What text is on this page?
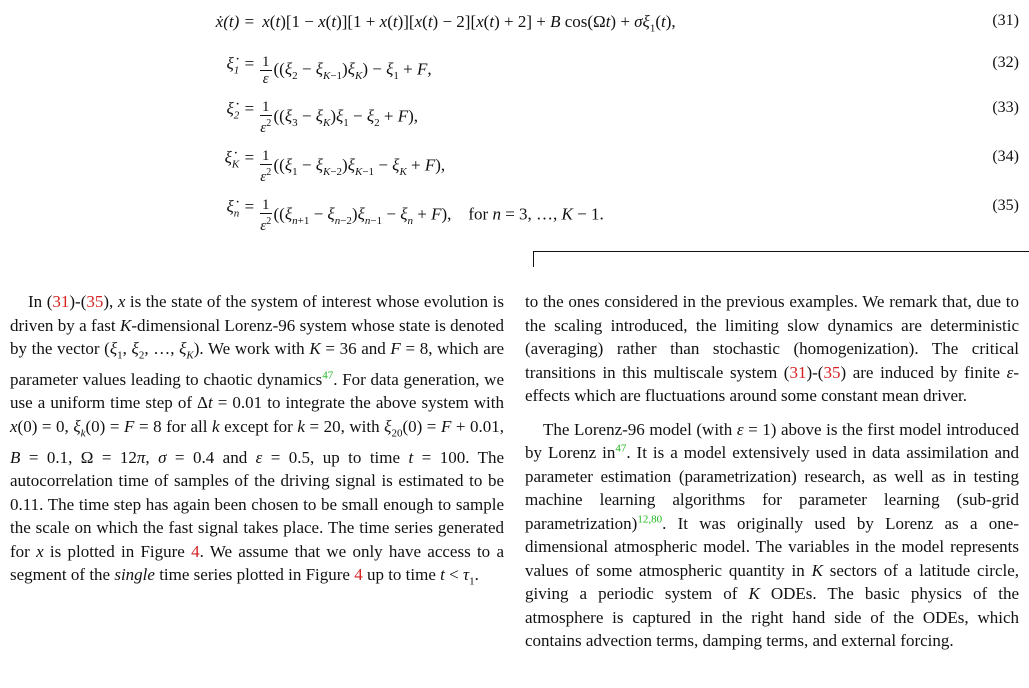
ẋ(t) = x(t)[1 − x(t)][1 + x(t)][x(t) − 2][x(t) + 2] + B $\cos(\Omega t) + \sigma\xi_1(t)$,	(31)
$\xi̇_1 = \frac{1}{\varepsilon} ((\xi_2 - \xi_{K-1})\xi_K) - \xi_1 + F$,	(32)
$\xi̇_2 = \frac{1}{\varepsilon^2} ((\xi_3 - \xi_K)\xi_1 - \xi_2 + F)$,	(33)
$\xi̇_K = \frac{1}{\varepsilon^2} ((\xi_1 - \xi_{K-2})\xi_{K-1} - \xi_K + F)$,	(34)
$\xi̇_n = \frac{1}{\varepsilon^2} ((\xi_{n+1} - \xi_{n-2})\xi_{n-1} - \xi_n + F)$,    for n = 3, …, K − 1.	(35)

In (31)-(35), x is the state of the system of interest whose evolution is driven by a fast K-dimensional Lorenz-96 system whose state is denoted by the vector ($\xi_1$, $\xi_2$, …, $\xi_K$). We work with K = 36 and F = 8, which are parameter values leading to chaotic dynamics$^{47}$. For data generation, we use a uniform time step of Δt = 0.01 to integrate the above system with x(0) = 0, $\xi_k(0) = F = 8$ for all k except for k = 20, with $\xi_{20}(0) = F + 0.01$, B = 0.1, Ω = 12π, σ = 0.4 and ε = 0.5, up to time t = 100. The autocorrelation time of samples of the driving signal is estimated to be 0.11. The time step has again been chosen to be small enough to sample the scale on which the fast signal takes place. The time series generated for x is plotted in Figure 4. We assume that we only have access to a segment of the single time series plotted in Figure 4 up to time $t < \tau_1$.

to the ones considered in the previous examples. We remark that, due to the scaling introduced, the limiting slow dynamics are deterministic (averaging) rather than stochastic (homogenization). The critical transitions in this multiscale system (31)-(35) are induced by finite ε-effects which are fluctuations around some constant mean driver.

The Lorenz-96 model (with ε = 1) above is the first model introduced by Lorenz in$^{47}$. It is a model extensively used in data assimilation and parameter estimation (parametrization) research, as well as in testing machine learning algorithms for parameter learning (sub-grid parametrization)$^{12,80}$. It was originally used by Lorenz as a one-dimensional atmospheric model. The variables in the model represents values of some atmospheric quantity in K sectors of a latitude circle, giving a periodic system of K ODEs. The basic physics of the atmosphere is captured in the right hand side of the ODEs, which contains advection terms, damping terms, and external forcing.
